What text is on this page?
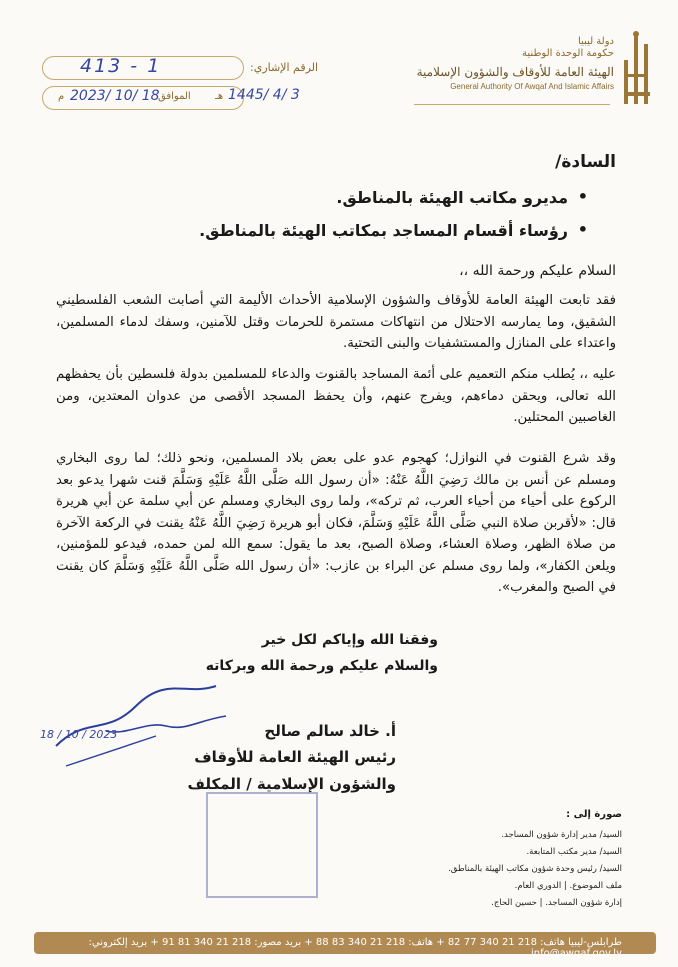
دولة ليبيا
حكومة الوحدة الوطنية
الهيئة العامة للأوقاف والشؤون الإسلامية
General Authority Of Awqaf And Islamic Affairs
الرقم الإشاري:
413 - 1
1445/ 4/ 3
هـ
الموافق
2023/ 10/ 18
م
السادة/
مديرو مكاتب الهيئة بالمناطق. •
رؤساء أقسام المساجد بمكاتب الهيئة بالمناطق. •
السلام عليكم ورحمة الله ،،
فقد تابعت الهيئة العامة للأوقاف والشؤون الإسلامية الأحداث الأليمة التي أصابت الشعب الفلسطيني الشقيق، وما يمارسه الاحتلال من انتهاكات مستمرة للحرمات وقتل للآمنين، وسفك لدماء المسلمين، واعتداء على المنازل والمستشفيات والبنى التحتية.
عليه ،، يُطلب منكم التعميم على أئمة المساجد بالقنوت والدعاء للمسلمين بدولة فلسطين بأن يحفظهم الله تعالى، ويحقن دماءهم، ويفرج عنهم، وأن يحفظ المسجد الأقصى من عدوان المعتدين، ومن الغاصبين المحتلين.
وقد شرع القنوت في النوازل؛ كهجوم عدو على بعض بلاد المسلمين، ونحو ذلك؛ لما روى البخاري ومسلم عن أنس بن مالك رَضِيَ اللَّهُ عَنْهُ: «أن رسول الله صَلَّى اللَّهُ عَلَيْهِ وَسَلَّمَ قنت شهرا يدعو بعد الركوع على أحياء من أحياء العرب، ثم تركه»، ولما روى البخاري ومسلم عن أبي سلمة عن أبي هريرة قال: «لأقربن صلاة النبي صَلَّى اللَّهُ عَلَيْهِ وَسَلَّمَ، فكان أبو هريرة رَضِيَ اللَّهُ عَنْهُ يقنت في الركعة الآخرة من صلاة الظهر، وصلاة العشاء، وصلاة الصبح، بعد ما يقول: سمع الله لمن حمده، فيدعو للمؤمنين، ويلعن الكفار»، ولما روى مسلم عن البراء بن عازب: «أن رسول الله صَلَّى اللَّهُ عَلَيْهِ وَسَلَّمَ كان يقنت في الصبح والمغرب».
وفقنا الله وإياكم لكل خير
والسلام عليكم ورحمة الله وبركاته
18 / 10 / 2023	أ. خالد سالم صالح
رئيس الهيئة العامة للأوقاف
والشؤون الإسلامية / المكلف
صورة إلى :
السيد/ مدير إدارة شؤون المساجد.
السيد/ مدير مكتب المتابعة.
السيد/ رئيس وحدة شؤون مكاتب الهيئة بالمناطق.
ملف الموضوع. | الدوري العام.
إدارة شؤون المساجد. | حسين الحاج.
طرابلس-ليبيا هاتف: 218 21 340 77 82 + هاتف: 218 21 340 83 88 + بريد مصور: 218 21 340 81 91 + بريد إلكتروني: info@awqaf.gov.ly
